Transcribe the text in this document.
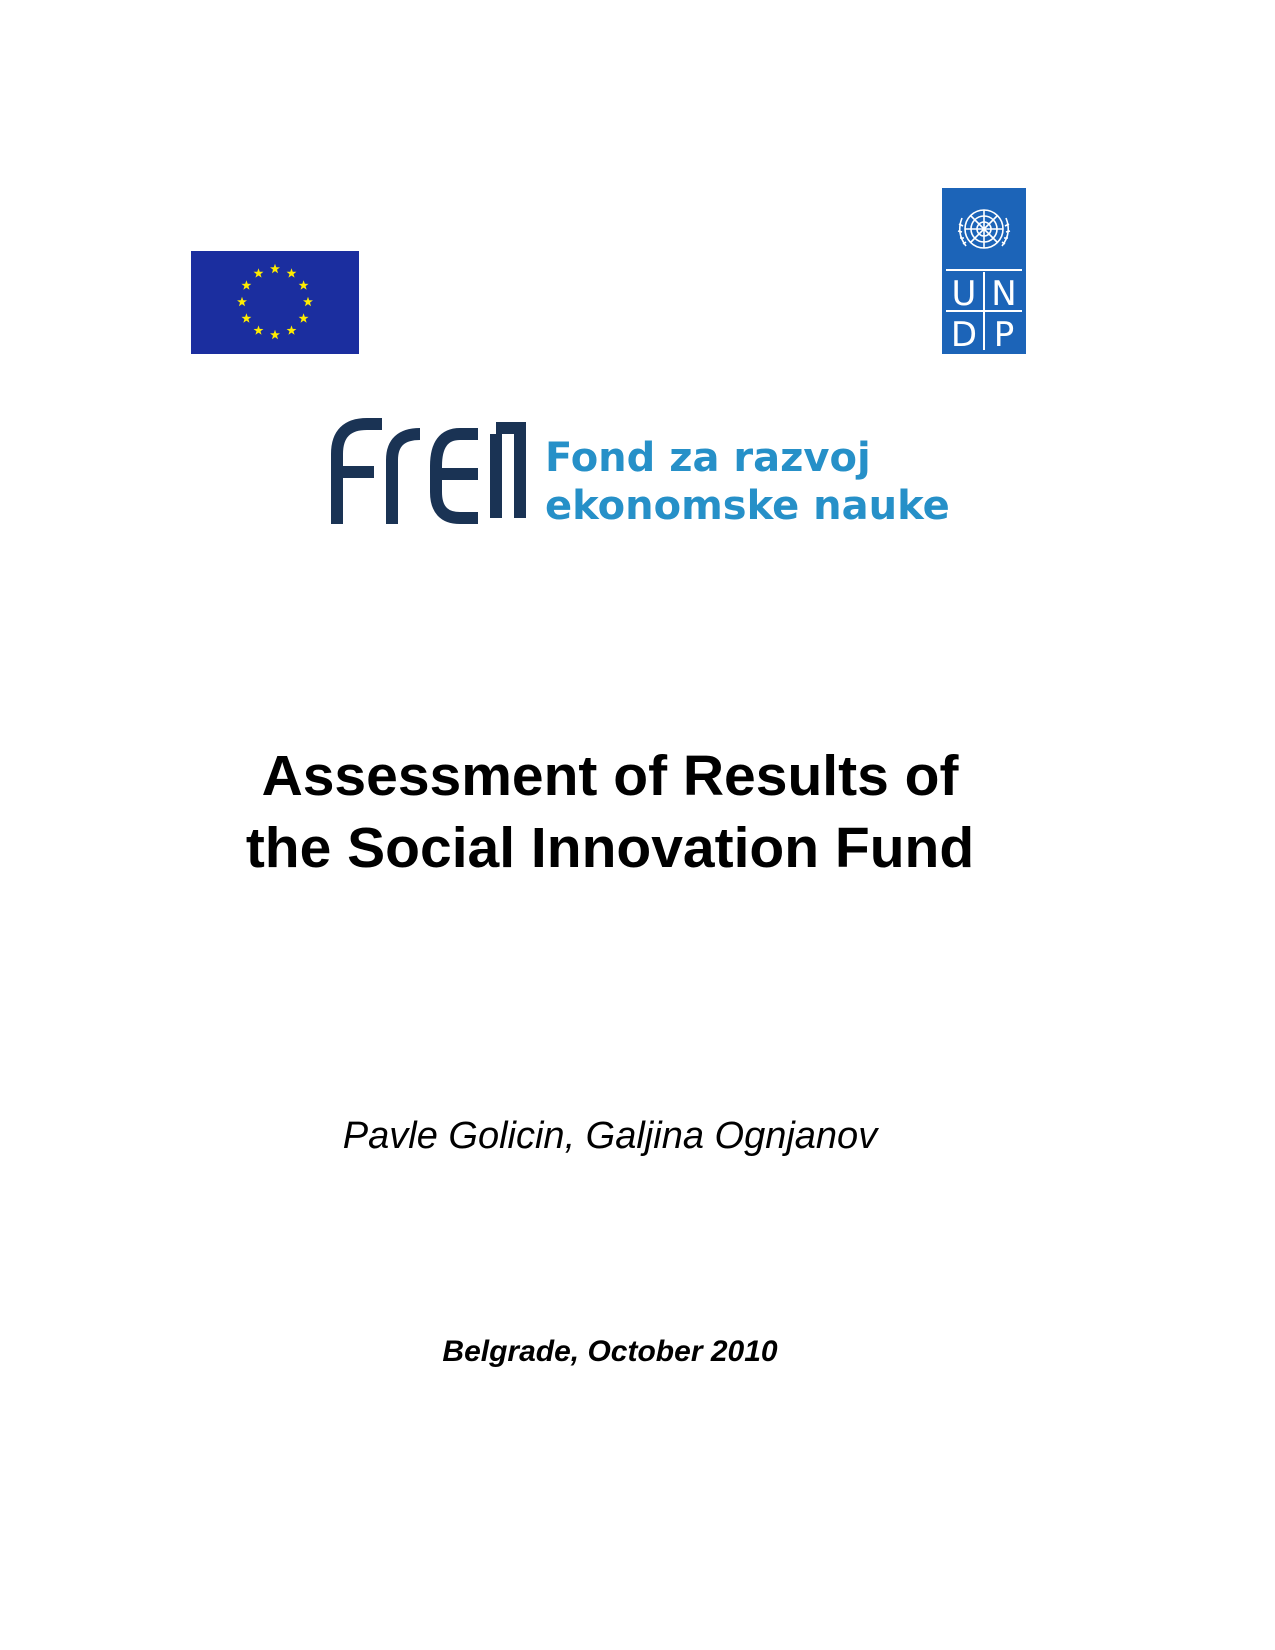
U N
D P
Fond za razvoj
ekonomske nauke
Assessment of Results of
the Social Innovation Fund

Pavle Golicin, Galjina Ognjanov

Belgrade, October 2010
